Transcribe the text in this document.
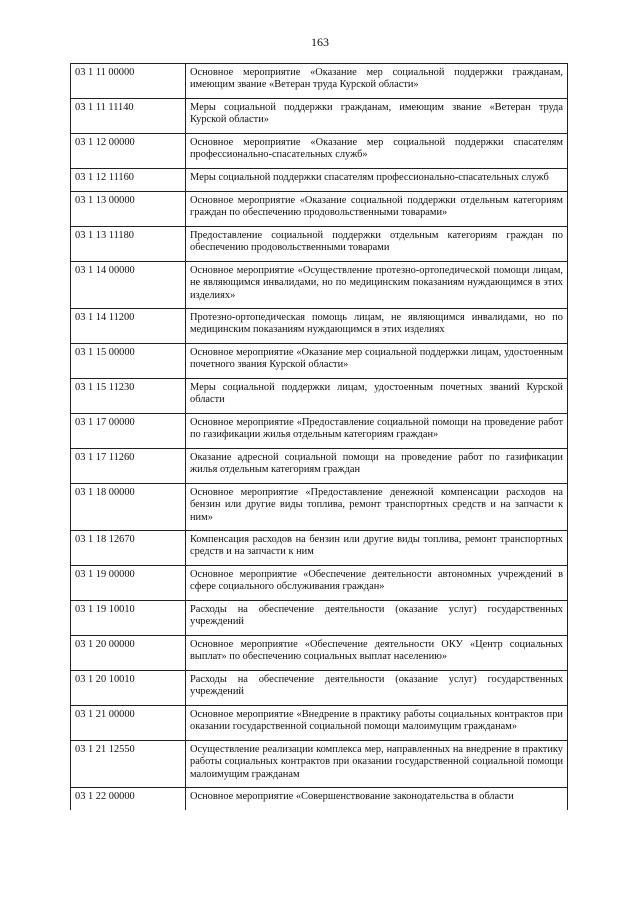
163
03 1 11 00000	Основное мероприятие «Оказание мер социальной поддержки гражданам, имеющим звание «Ветеран труда Курской области»
03 1 11 11140	Меры социальной поддержки гражданам, имеющим звание «Ветеран труда Курской области»
03 1 12 00000	Основное мероприятие «Оказание мер социальной поддержки спасателям профессионально-спасательных служб»
03 1 12 11160	Меры социальной поддержки спасателям профессионально-спасательных служб
03 1 13 00000	Основное мероприятие «Оказание социальной поддержки отдельным категориям граждан по обеспечению продовольственными товарами»
03 1 13 11180	Предоставление социальной поддержки отдельным категориям граждан по обеспечению продовольственными товарами
03 1 14 00000	Основное мероприятие «Осуществление протезно-ортопедической помощи лицам, не являющимся инвалидами, но по медицинским показаниям нуждающимся в этих изделиях»
03 1 14 11200	Протезно-ортопедическая помощь лицам, не являющимся инвалидами, но по медицинским показаниям нуждающимся в этих изделиях
03 1 15 00000	Основное мероприятие «Оказание мер социальной поддержки лицам, удостоенным почетного звания Курской области»
03 1 15 11230	Меры социальной поддержки лицам, удостоенным почетных званий Курской области
03 1 17 00000	Основное мероприятие «Предоставление социальной помощи на проведение работ по газификации жилья отдельным категориям граждан»
03 1 17 11260	Оказание адресной социальной помощи на проведение работ по газификации жилья отдельным категориям граждан
03 1 18 00000	Основное мероприятие «Предоставление денежной компенсации расходов на бензин или другие виды топлива, ремонт транспортных средств и на запчасти к ним»
03 1 18 12670	Компенсация расходов на бензин или другие виды топлива, ремонт транспортных средств и на запчасти к ним
03 1 19 00000	Основное мероприятие «Обеспечение деятельности автономных учреждений в сфере социального обслуживания граждан»
03 1 19 10010	Расходы на обеспечение деятельности (оказание услуг) государственных учреждений
03 1 20 00000	Основное мероприятие «Обеспечение деятельности ОКУ «Центр социальных выплат» по обеспечению социальных выплат населению»
03 1 20 10010	Расходы на обеспечение деятельности (оказание услуг) государственных учреждений
03 1 21 00000	Основное мероприятие «Внедрение в практику работы социальных контрактов при оказании государственной социальной помощи малоимущим гражданам»
03 1 21 12550	Осуществление реализации комплекса мер, направленных на внедрение в практику работы социальных контрактов при оказании государственной социальной помощи малоимущим гражданам
03 1 22 00000	Основное мероприятие «Совершенствование законодательства в области
